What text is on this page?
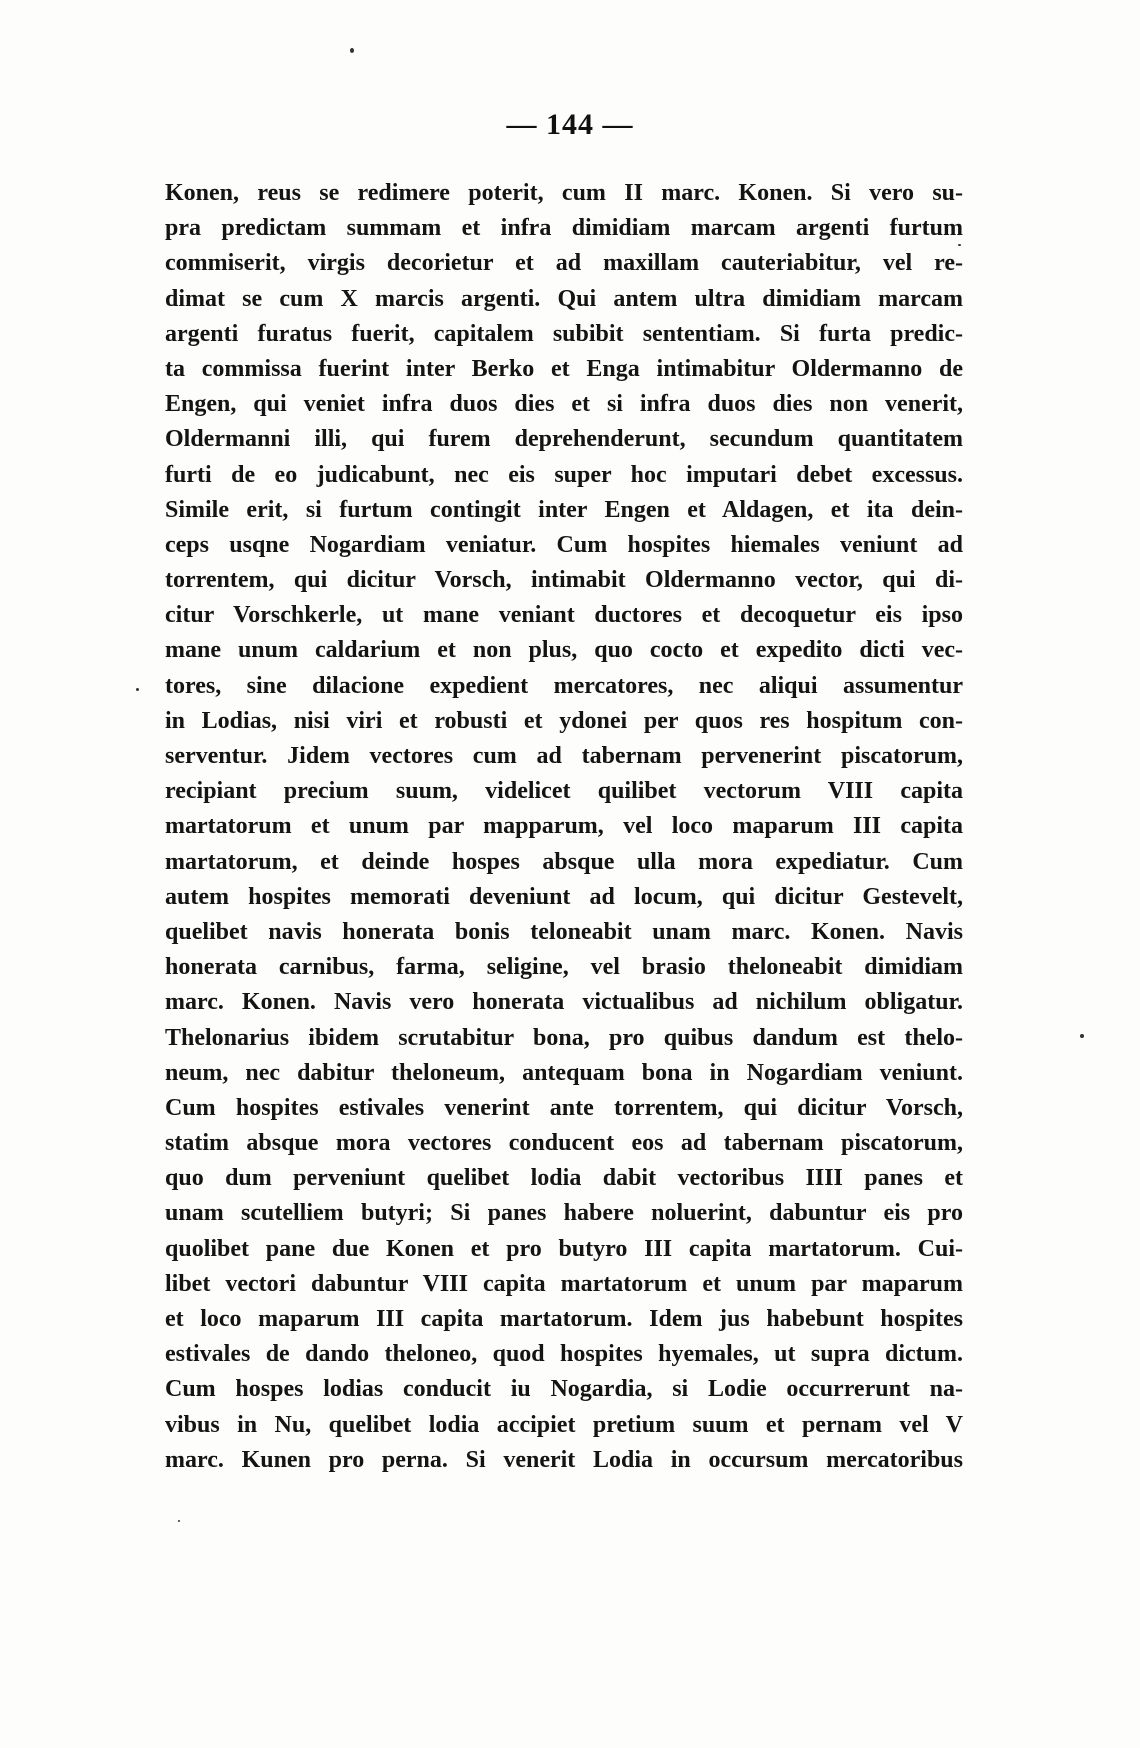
— 144 —
Konen, reus se redimere poterit, cum II marc. Konen. Si vero su-
pra predictam summam et infra dimidiam marcam argenti furtum
commiserit, virgis decorietur et ad maxillam cauteriabitur, vel re-
dimat se cum X marcis argenti. Qui antem ultra dimidiam marcam
argenti furatus fuerit, capitalem subibit sententiam. Si furta predic-
ta commissa fuerint inter Berko et Enga intimabitur Oldermanno de
Engen, qui veniet infra duos dies et si infra duos dies non venerit,
Oldermanni illi, qui furem deprehenderunt, secundum quantitatem
furti de eo judicabunt, nec eis super hoc imputari debet excessus.
Simile erit, si furtum contingit inter Engen et Aldagen, et ita dein-
ceps usqne Nogardiam veniatur. Cum hospites hiemales veniunt ad
torrentem, qui dicitur Vorsch, intimabit Oldermanno vector, qui di-
citur Vorschkerle, ut mane veniant ductores et decoquetur eis ipso
mane unum caldarium et non plus, quo cocto et expedito dicti vec-
tores, sine dilacione expedient mercatores, nec aliqui assumentur
in Lodias, nisi viri et robusti et ydonei per quos res hospitum con-
serventur. Jidem vectores cum ad tabernam pervenerint piscatorum,
recipiant precium suum, videlicet quilibet vectorum VIII capita
martatorum et unum par mapparum, vel loco maparum III capita
martatorum, et deinde hospes absque ulla mora expediatur. Cum
autem hospites memorati deveniunt ad locum, qui dicitur Gestevelt,
quelibet navis honerata bonis teloneabit unam marc. Konen. Navis
honerata carnibus, farma, seligine, vel brasio theloneabit dimidiam
marc. Konen. Navis vero honerata victualibus ad nichilum obligatur.
Thelonarius ibidem scrutabitur bona, pro quibus dandum est thelo-
neum, nec dabitur theloneum, antequam bona in Nogardiam veniunt.
Cum hospites estivales venerint ante torrentem, qui dicitur Vorsch,
statim absque mora vectores conducent eos ad tabernam piscatorum,
quo dum perveniunt quelibet lodia dabit vectoribus IIII panes et
unam scutelliem butyri; Si panes habere noluerint, dabuntur eis pro
quolibet pane due Konen et pro butyro III capita martatorum. Cui-
libet vectori dabuntur VIII capita martatorum et unum par maparum
et loco maparum III capita martatorum. Idem jus habebunt hospites
estivales de dando theloneo, quod hospites hyemales, ut supra dictum.
Cum hospes lodias conducit iu Nogardia, si Lodie occurrerunt na-
vibus in Nu, quelibet lodia accipiet pretium suum et pernam vel V
marc. Kunen pro perna. Si venerit Lodia in occursum mercatoribus
